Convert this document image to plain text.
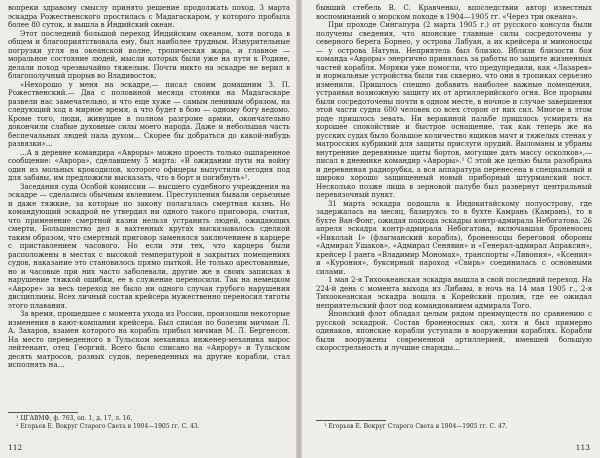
вопреки здравому смыслу принято решение продолжать поход. 3 марта эскадра Рожественского простилась с Мадагаскаром, у которого пробыла более 80 суток, и вышла в Индийский океан.

Этот последний большой переход Индийским океаном, хотя погода в общем и благоприятствовала ему, был наиболее трудным. Изнурительные погрузки угля на океанской волне, тропическая жара, и главное — моральное состояние людей, мысли которых были уже на пути к Родине, делали поход чрезвычайно тяжелым. Почти никто на эскадре не верил в благополучный прорыв во Владивосток.

«Нехорошо у меня на эскадре,— писал своим домашним З. П. Рожественский.— Два с половиной месяца стоянки на Мадагаскаре развели нас замечательно, и что еще хуже — самым ленивым образом, на следующий ход в мирное время, а что будет в бою — одному богу ведомо. Кроме того, люди, живущие в полном разгроме армии, окончательно докончили слабые духовные силы моего народа. Даже и небольшая часть беспечальных людей пала духом... Скорее бы добраться до какой-нибудь развязки»...

...А в деревне командира «Авроры» можно проесть только ошпаренное сообщение: «Аврора», сделавшему 5 марта: «В ожидании пути на войну один из мольных крокодилов, которого офицеры выпустили сегодня под для забавы, им предложили высказать, что в борт и погибнуть»¹.

Заседания суда Особой комиссии — высшего судебного учреждения на эскадре — сделались обычным явлением. Преступления бывали серьезные и даже тяжкие, за которые по закону полагалась смертная казнь. Но командующий эскадрой не утвердил ни одного такого приговора, считая, что применение смертной казни нельзя устранить людей, ожидающих смерти. Большинство дел в вахтенных кругах высказывалось сделкой таким образом, что смертный приговор заменялся заключением в карцере с приставлением часового. Но если эти тех, что карцера были расположены в местах с высокой температурой в закрытых помещениях судов, наказание это становилось прямо пыткой. Не только арестованные, но и часовые при них часто заболевали, другие же в своих записках в нарушение тяжкой ошибки, ее в служение переносили. Так на немецком «Авроре» за весь переход не было ни одного случая грубого нарушения дисциплины. Всех личный состав крейсера мужественно переносил тяготы этого плавания.

За время, прошедшее с момента ухода из России, произошли некоторые изменения в кают-компании крейсера. Был списан по болезни мичман Л. А. Захаров, взамен которого на корабль прибыл мичман М. Л. Бергенсон. На место переведенного в Тульском механика инженер-механика вырос лейтенант, отец Георгий. Всего было списано на «Аврору» и Тульском десять матросов, разных судов, переведенных на другие корабли, стал исполнять на…

¹ ЦГАВМФ, ф. 763, оп. 1, д. 17, л. 16.

² Егорьев Е. Вокруг Старого Света в 1904—1905 гг. С. 43.

112

бывший стебель В. С. Кравченко, впоследствии автор известных воспоминаний о морском походе в 1904—1905 гг. «Через три океана».

При проходе Сингапура (2 марта 1905 г.) от русского консула были получены сведения, что японские главные силы сосредоточены у северного берега Борнео, у острова Лабуан, а их крейсера и миноносцы — у острова Натуна. Неприятель был близко. Вблизи близости боя команда «Авроры» энергично принялась за работы по защите жизненных частей корабля. Моряки уже помогли, что предупредили, как «Лазарев» и нормальные устройства были так скверно, что они в тропиках серьезно изменили. Пришлось спешно добавить наиболее важные помещения, устраивая возможную защиту их от артиллерийского огня. Все прорывы были сосредоточены почти в одном месте, в ночное и случае завершения этой части судна 600 человек со всех сторон от них сил. Многое в этом роде пришлось зевать. Ни веракиной пальбе пришлось усмирять на хорошее спокойствие и быстрое оснащение, так как теперь же на русских судах было большое количество ящиков мачт и тяжелых стенах у матросских кубрикий для защиты прислуги орудий. Выломаны и убраны внутренние деревянные щиты бортов, могущие дать массу осколков»,— писал в дневнике командир «Авроры».¹ С этой же целью была разобрана и деревянная радиорубка, а вся аппаратура перенесена в специальный и широко хорошо защищенный новый приборный штурманский пост. Несколько позже лишь в зерновой палубе был развернут центральный перевязочный пункт.

31 марта эскадра подошла к Индокитайскому полуострову, где задержалась на месяц, базируясь то в бухте Камрань (Камрань), то в бухте Ван-Фонг, ожидая подхода эскадры контр-адмирала Небогатова. 26 апреля эскадра контр-адмирала Небогатова, включавшая броненосец «Николай I» (флагманский корабль), броненосцы береговой обороны «Адмирал Ушаков», «Адмирал Сенявин» и «Генерал-адмирал Апраксин», крейсер I ранга «Владимир Мономах», транспорты «Ливония», «Ксения» и «Курония», буксирный пароход «Свирь» соединилась с основными силами.

1 мая 2-я Тихоокеанская эскадра вышла в свой последний переход. На 224-й день с момента выхода из Либавы, в ночь на 14 мая 1905 г., 2-я Тихоокеанская эскадра вошла в Корейский пролив, где ее ожидал неприятельский флот под командованием адмирала Того.

Японский флот обладал целым рядом преимуществ по сравнению с русской эскадрой. Состав броненосных сил, хотя и был примерно одинаков, японские корабли уступали в вооружении кораблях. Корабли были вооружены современной артиллерией, имевшей большую скорострельность и лучшие снаряды…

¹ Егорьев Е. Вокруг Старого Света в 1904—1905 гг. С. 47.

113
